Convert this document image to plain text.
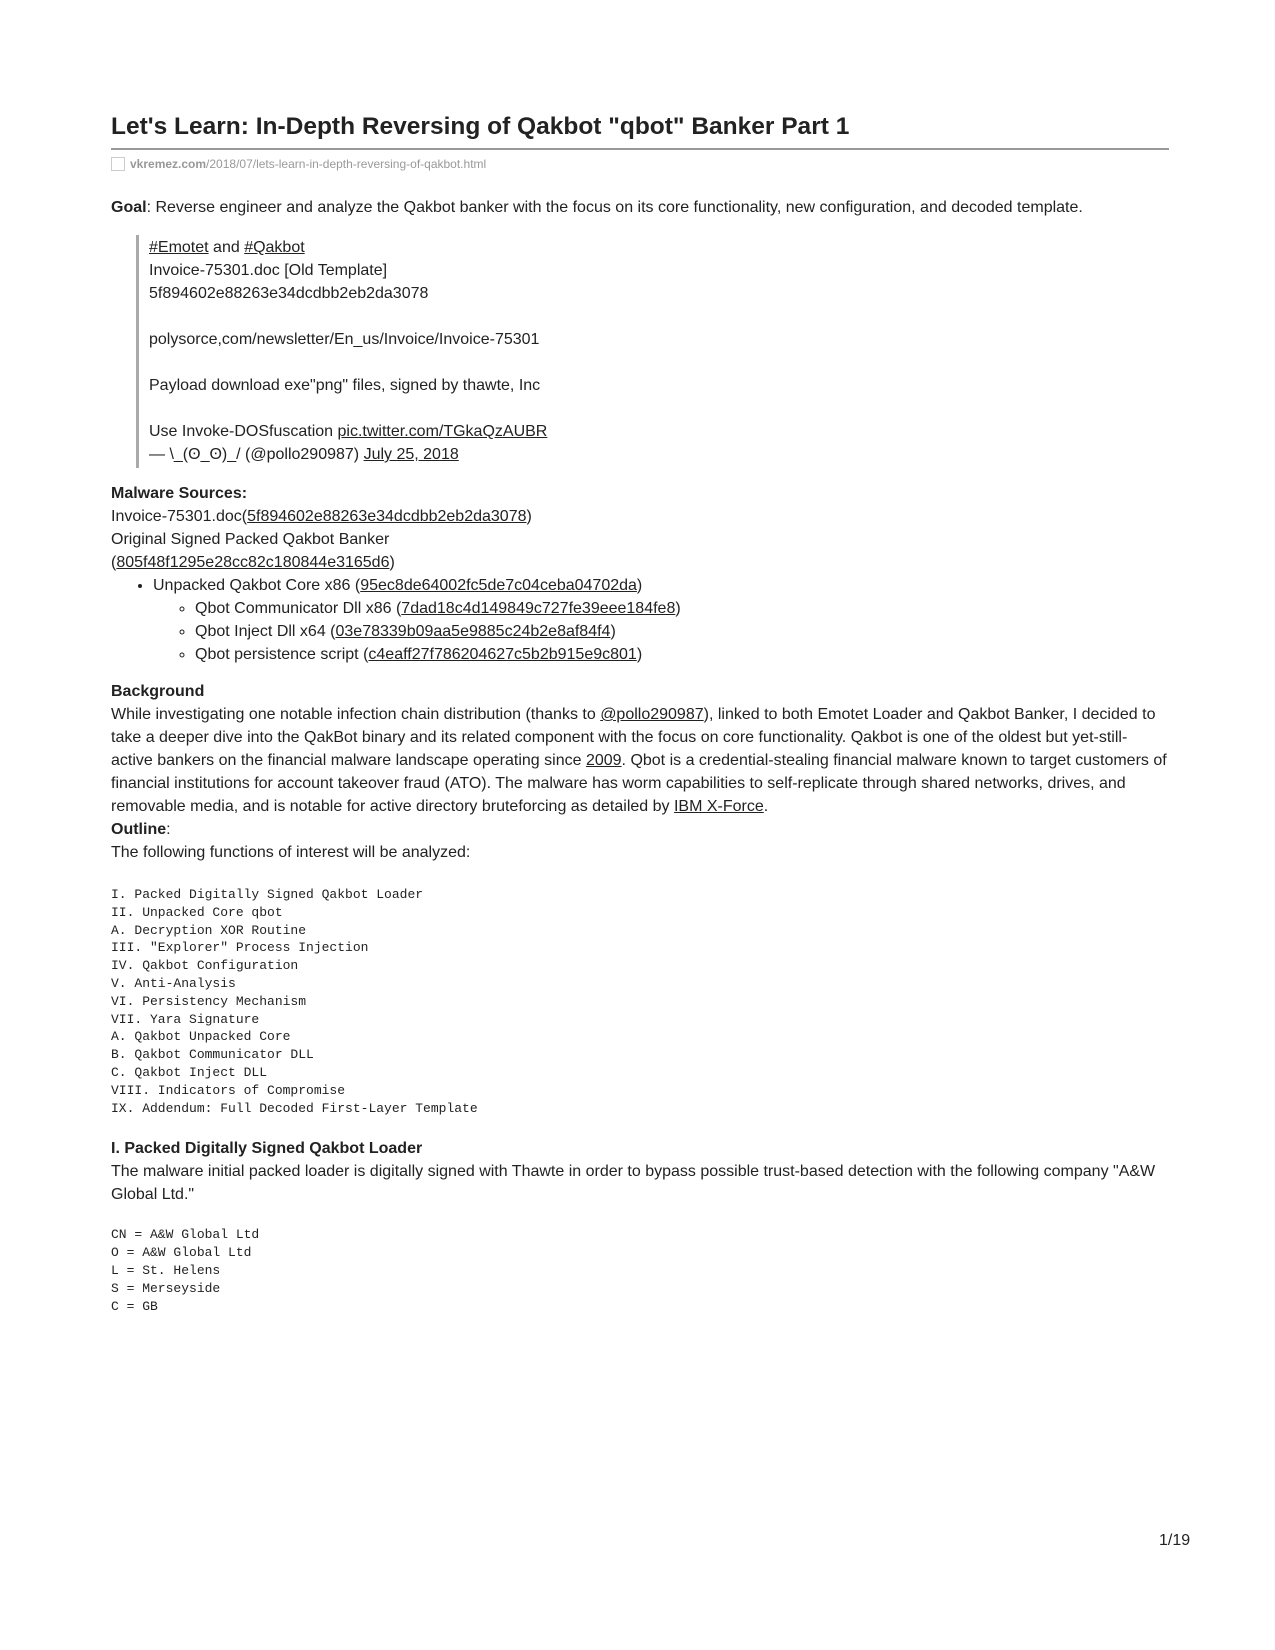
Let's Learn: In-Depth Reversing of Qakbot "qbot" Banker Part 1
vkremez.com /2018/07/lets-learn-in-depth-reversing-of-qakbot.html

Goal: Reverse engineer and analyze the Qakbot banker with the focus on its core functionality, new configuration, and decoded template.

#Emotet and #Qakbot
Invoice-75301.doc [Old Template]
5f894602e88263e34dcdbb2eb2da3078
polysorce,com/newsletter/En_us/Invoice/Invoice-75301
Payload download exe"png" files, signed by thawte, Inc
Use Invoke-DOSfuscation pic.twitter.com/TGkaQzAUBR
— \_(ʘ_ʘ)_/ (@pollo290987) July 25, 2018
Malware Sources:
Invoice-75301.doc(5f894602e88263e34dcdbb2eb2da3078)
Original Signed Packed Qakbot Banker
(805f48f1295e28cc82c180844e3165d6)
• Unpacked Qakbot Core x86 (95ec8de64002fc5de7c04ceba04702da)
◦ Qbot Communicator Dll x86 (7dad18c4d149849c727fe39eee184fe8)
◦ Qbot Inject Dll x64 (03e78339b09aa5e9885c24b2e8af84f4)
◦ Qbot persistence script (c4eaff27f786204627c5b2b915e9c801)
Background

While investigating one notable infection chain distribution (thanks to @pollo290987), linked to both Emotet Loader and Qakbot Banker, I decided to take a deeper dive into the QakBot binary and its related component with the focus on core functionality. Qakbot is one of the oldest but yet-still-active bankers on the financial malware landscape operating since 2009. Qbot is a credential-stealing financial malware known to target customers of financial institutions for account takeover fraud (ATO). The malware has worm capabilities to self-replicate through shared networks, drives, and removable media, and is notable for active directory bruteforcing as detailed by IBM X-Force.

Outline:

The following functions of interest will be analyzed:

I. Packed Digitally Signed Qakbot Loader
II. Unpacked Core qbot
A. Decryption XOR Routine
III. "Explorer" Process Injection
IV. Qakbot Configuration
V. Anti-Analysis
VI. Persistency Mechanism
VII. Yara Signature
A. Qakbot Unpacked Core
B. Qakbot Communicator DLL
C. Qakbot Inject DLL
VIII. Indicators of Compromise
IX. Addendum: Full Decoded First-Layer Template
I. Packed Digitally Signed Qakbot Loader

The malware initial packed loader is digitally signed with Thawte in order to bypass possible trust-based detection with the following company "A&W Global Ltd."

CN = A&W Global Ltd
O = A&W Global Ltd
L = St. Helens
S = Merseyside
C = GB
1/19
